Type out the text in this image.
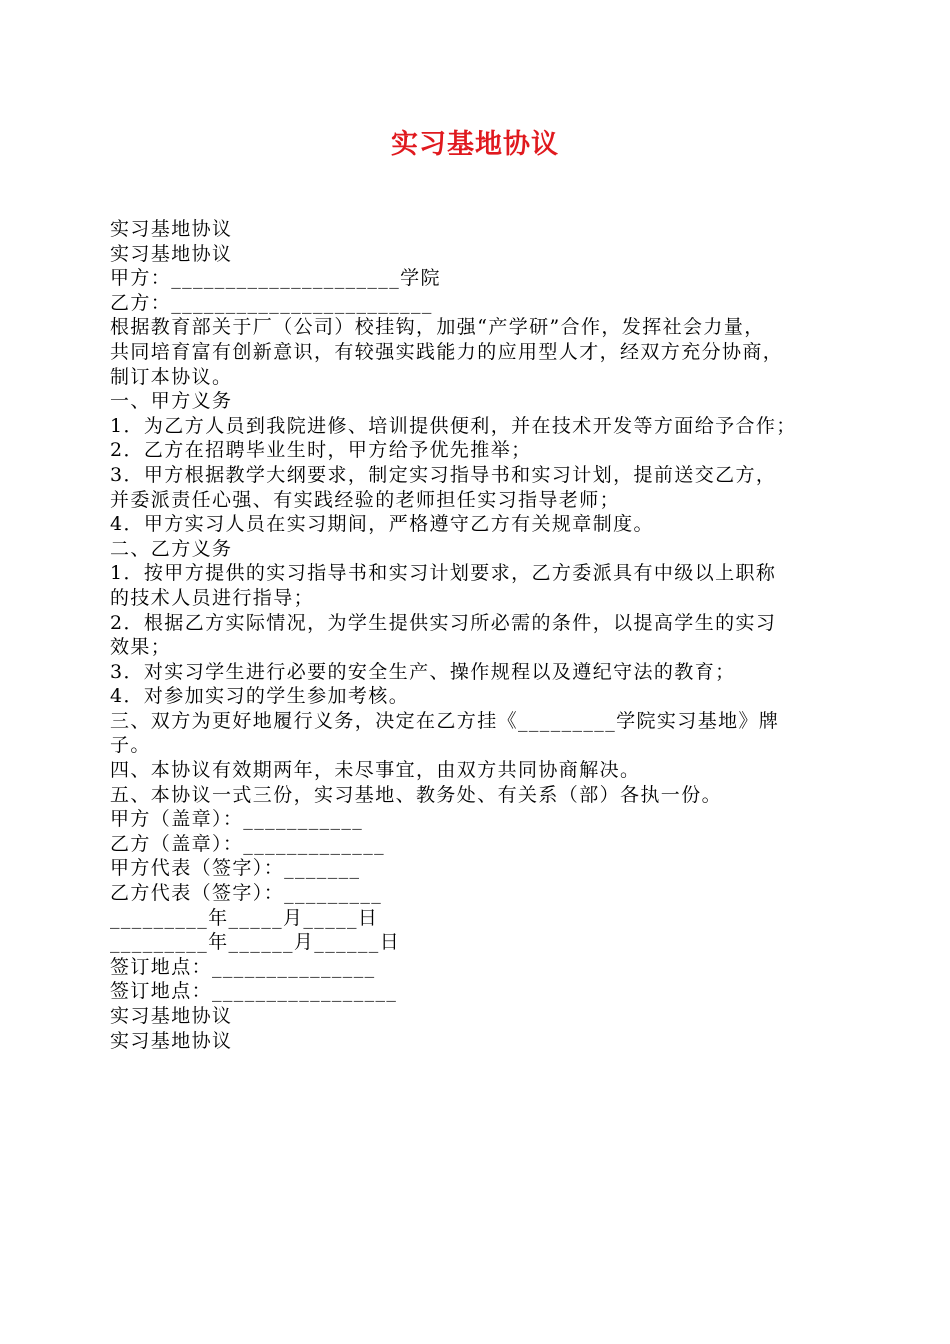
实习基地协议
实习基地协议
实习基地协议
甲方：_____________________学院
乙方：________________________
根据教育部关于厂（公司）校挂钩，加强“产学研”合作，发挥社会力量，
共同培育富有创新意识，有较强实践能力的应用型人才，经双方充分协商，
制订本协议。
一、甲方义务
1．为乙方人员到我院进修、培训提供便利，并在技术开发等方面给予合作；
2．乙方在招聘毕业生时，甲方给予优先推举；
3．甲方根据教学大纲要求，制定实习指导书和实习计划，提前送交乙方，
并委派责任心强、有实践经验的老师担任实习指导老师；
4．甲方实习人员在实习期间，严格遵守乙方有关规章制度。
二、乙方义务
1．按甲方提供的实习指导书和实习计划要求，乙方委派具有中级以上职称
的技术人员进行指导；
2．根据乙方实际情况，为学生提供实习所必需的条件，以提高学生的实习
效果；
3．对实习学生进行必要的安全生产、操作规程以及遵纪守法的教育；
4．对参加实习的学生参加考核。
三、双方为更好地履行义务，决定在乙方挂《_________学院实习基地》牌
子。
四、本协议有效期两年，未尽事宜，由双方共同协商解决。
五、本协议一式三份，实习基地、教务处、有关系（部）各执一份。
甲方（盖章）：___________
乙方（盖章）：_____________
甲方代表（签字）：_______
乙方代表（签字）：_________
_________年_____月_____日
_________年______月______日
签订地点：_______________
签订地点：_________________
实习基地协议
实习基地协议
